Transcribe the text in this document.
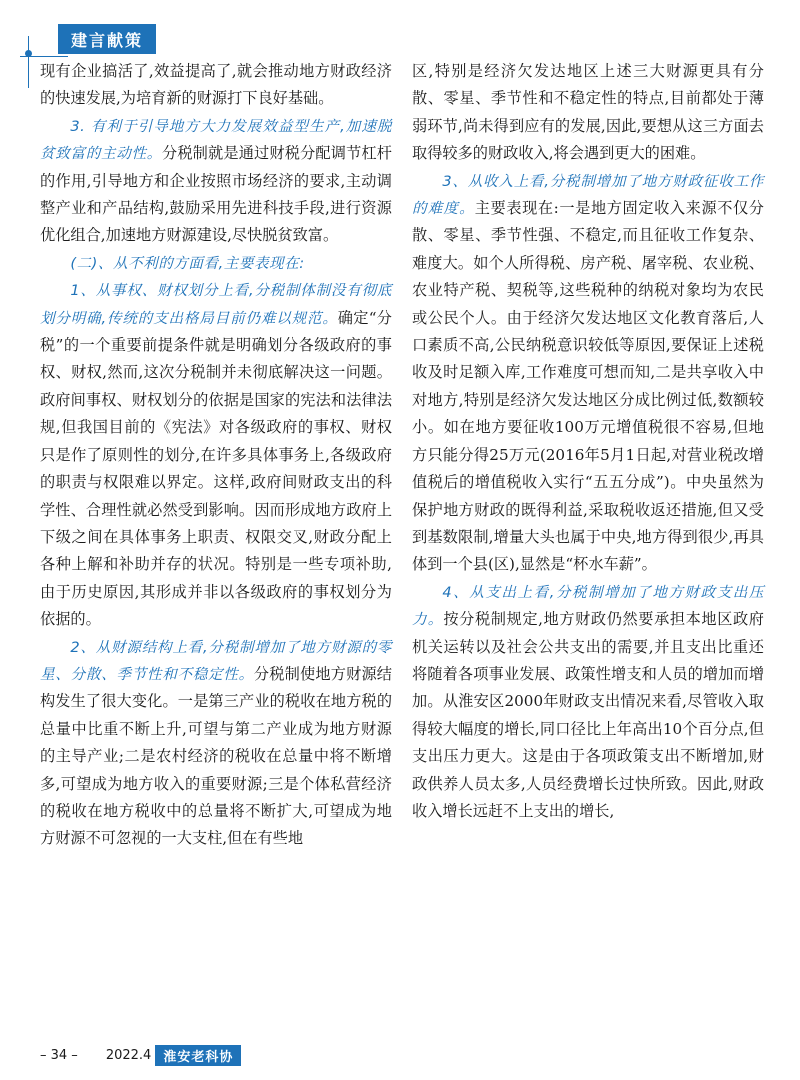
建言献策

现有企业搞活了,效益提高了,就会推动地方财政经济的快速发展,为培育新的财源打下良好基础。

3. 有利于引导地方大力发展效益型生产,加速脱贫致富的主动性。分税制就是通过财税分配调节杠杆的作用,引导地方和企业按照市场经济的要求,主动调整产业和产品结构,鼓励采用先进科技手段,进行资源优化组合,加速地方财源建设,尽快脱贫致富。

(二)、从不利的方面看,主要表现在:

1、从事权、财权划分上看,分税制体制没有彻底划分明确,传统的支出格局目前仍难以规范。确定“分税”的一个重要前提条件就是明确划分各级政府的事权、财权,然而,这次分税制并未彻底解决这一问题。政府间事权、财权划分的依据是国家的宪法和法律法规,但我国目前的《宪法》对各级政府的事权、财权只是作了原则性的划分,在许多具体事务上,各级政府的职责与权限难以界定。这样,政府间财政支出的科学性、合理性就必然受到影响。因而形成地方政府上下级之间在具体事务上职责、权限交叉,财政分配上各种上解和补助并存的状况。特别是一些专项补助,由于历史原因,其形成并非以各级政府的事权划分为依据的。

2、从财源结构上看,分税制增加了地方财源的零星、分散、季节性和不稳定性。分税制使地方财源结构发生了很大变化。一是第三产业的税收在地方税的总量中比重不断上升,可望与第二产业成为地方财源的主导产业;二是农村经济的税收在总量中将不断增多,可望成为地方收入的重要财源;三是个体私营经济的税收在地方税收中的总量将不断扩大,可望成为地方财源不可忽视的一大支柱,但在有些地

区,特别是经济欠发达地区上述三大财源更具有分散、零星、季节性和不稳定性的特点,目前都处于薄弱环节,尚未得到应有的发展,因此,要想从这三方面去取得较多的财政收入,将会遇到更大的困难。

3、从收入上看,分税制增加了地方财政征收工作的难度。主要表现在:一是地方固定收入来源不仅分散、零星、季节性强、不稳定,而且征收工作复杂、难度大。如个人所得税、房产税、屠宰税、农业税、农业特产税、契税等,这些税种的纳税对象均为农民或公民个人。由于经济欠发达地区文化教育落后,人口素质不高,公民纳税意识较低等原因,要保证上述税收及时足额入库,工作难度可想而知,二是共享收入中对地方,特别是经济欠发达地区分成比例过低,数额较小。如在地方要征收100万元增值税很不容易,但地方只能分得25万元(2016年5月1日起,对营业税改增值税后的增值税收入实行“五五分成”)。中央虽然为保护地方财政的既得利益,采取税收返还措施,但又受到基数限制,增量大头也属于中央,地方得到很少,再具体到一个县(区),显然是“杯水车薪”。

4、从支出上看,分税制增加了地方财政支出压力。按分税制规定,地方财政仍然要承担本地区政府机关运转以及社会公共支出的需要,并且支出比重还将随着各项事业发展、政策性增支和人员的增加而增加。从淮安区2000年财政支出情况来看,尽管收入取得较大幅度的增长,同口径比上年高出10个百分点,但支出压力更大。这是由于各项政策支出不断增加,财政供养人员太多,人员经费增长过快所致。因此,财政收入增长远赶不上支出的增长,

– 34 – 2022.4 淮安老科协
